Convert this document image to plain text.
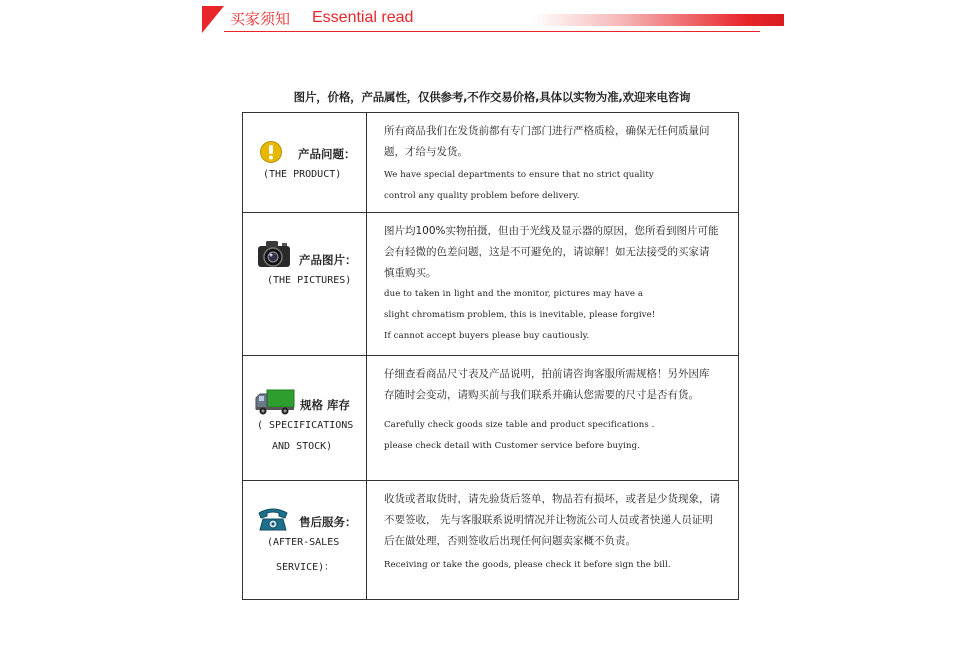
买家须知 Essential read
图片，价格，产品属性，仅供参考,不作交易价格,具体以实物为准,欢迎来电咨询
产品问题：
(THE PRODUCT)

所有商品我们在发货前都有专门部门进行严格质检，确保无任何质量问

题，才给与发货。

We have special departments to ensure that no strict quality

control any quality problem before delivery.

产品图片：
(THE PICTURES)

图片均100%实物拍摄，但由于光线及显示器的原因，您所看到图片可能

会有轻微的色差问题，这是不可避免的，请谅解！如无法接受的买家请

慎重购买。

due to taken in light and the monitor, pictures may have a

slight chromatism problem, this is inevitable, please forgive!

If cannot accept buyers please buy cautiously.

规格 库存
( SPECIFICATIONS
AND STOCK)

仔细查看商品尺寸表及产品说明，拍前请咨询客服所需规格！另外因库

存随时会变动，请购买前与我们联系并确认您需要的尺寸是否有货。

Carefully check goods size table and product specifications .

please check detail with Customer service before buying.

售后服务：
(AFTER-SALES
SERVICE)：

收货或者取货时，请先验货后签单，物品若有损坏，或者是少货现象，请

不要签收， 先与客服联系说明情况并让物流公司人员或者快递人员证明

后在做处理，否则签收后出现任何问题卖家概不负责。

Receiving or take the goods, please check it before sign the bill.
